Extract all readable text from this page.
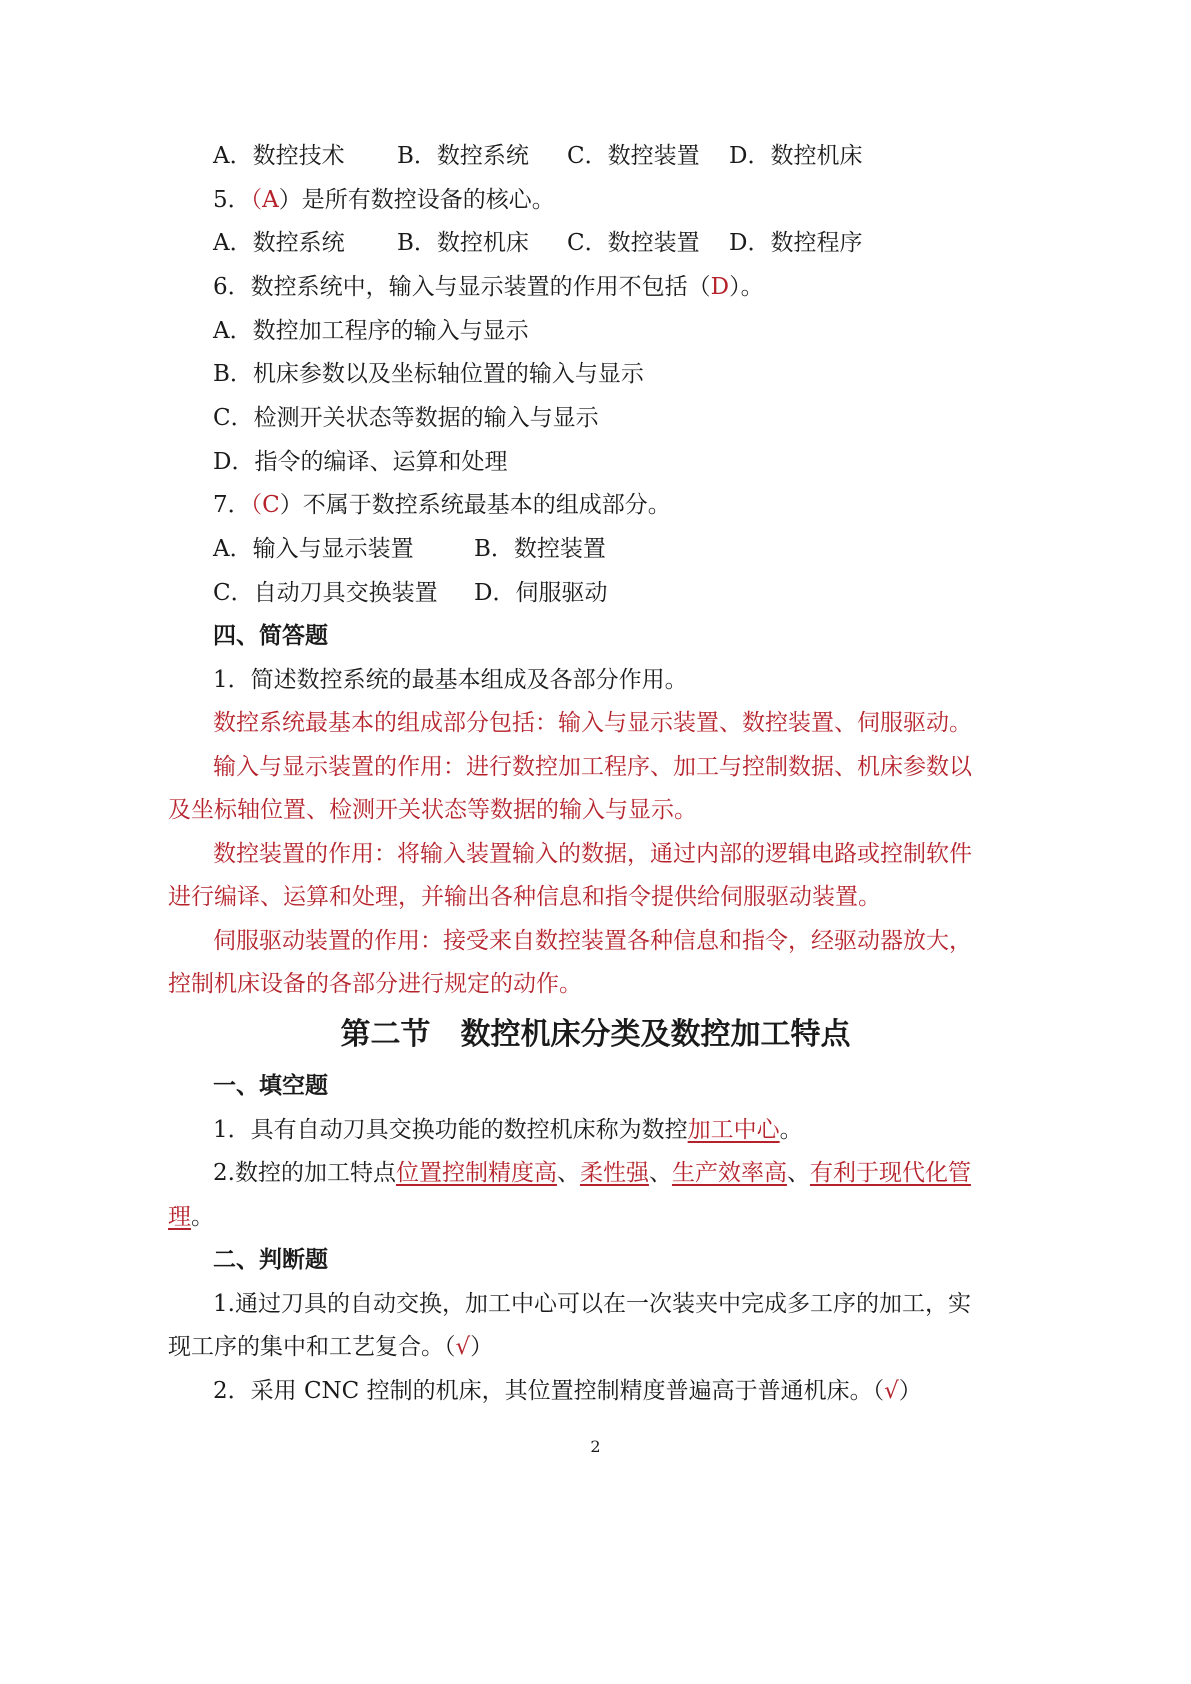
A．数控技术 B．数控系统 C．数控装置 D．数控机床
5．（A）是所有数控设备的核心。
A．数控系统 B．数控机床 C．数控装置 D．数控程序
6．数控系统中，输入与显示装置的作用不包括（D）。
A．数控加工程序的输入与显示
B．机床参数以及坐标轴位置的输入与显示
C．检测开关状态等数据的输入与显示
D．指令的编译、运算和处理
7．（C）不属于数控系统最基本的组成部分。
A．输入与显示装置	B．数控装置
C．自动刀具交换装置 D．伺服驱动
四、简答题
1．简述数控系统的最基本组成及各部分作用。
数控系统最基本的组成部分包括：输入与显示装置、数控装置、伺服驱动。
输入与显示装置的作用：进行数控加工程序、加工与控制数据、机床参数以
及坐标轴位置、检测开关状态等数据的输入与显示。
数控装置的作用：将输入装置输入的数据，通过内部的逻辑电路或控制软件
进行编译、运算和处理，并输出各种信息和指令提供给伺服驱动装置。
伺服驱动装置的作用：接受来自数控装置各种信息和指令，经驱动器放大，
控制机床设备的各部分进行规定的动作。
第二节　数控机床分类及数控加工特点
一、填空题
1．具有自动刀具交换功能的数控机床称为数控加工中心。
2.数控的加工特点位置控制精度高、柔性强、生产效率高、有利于现代化管
理。
二、判断题
1.通过刀具的自动交换，加工中心可以在一次装夹中完成多工序的加工，实
现工序的集中和工艺复合。（√）
2．采用 CNC 控制的机床，其位置控制精度普遍高于普通机床。（√）
2
